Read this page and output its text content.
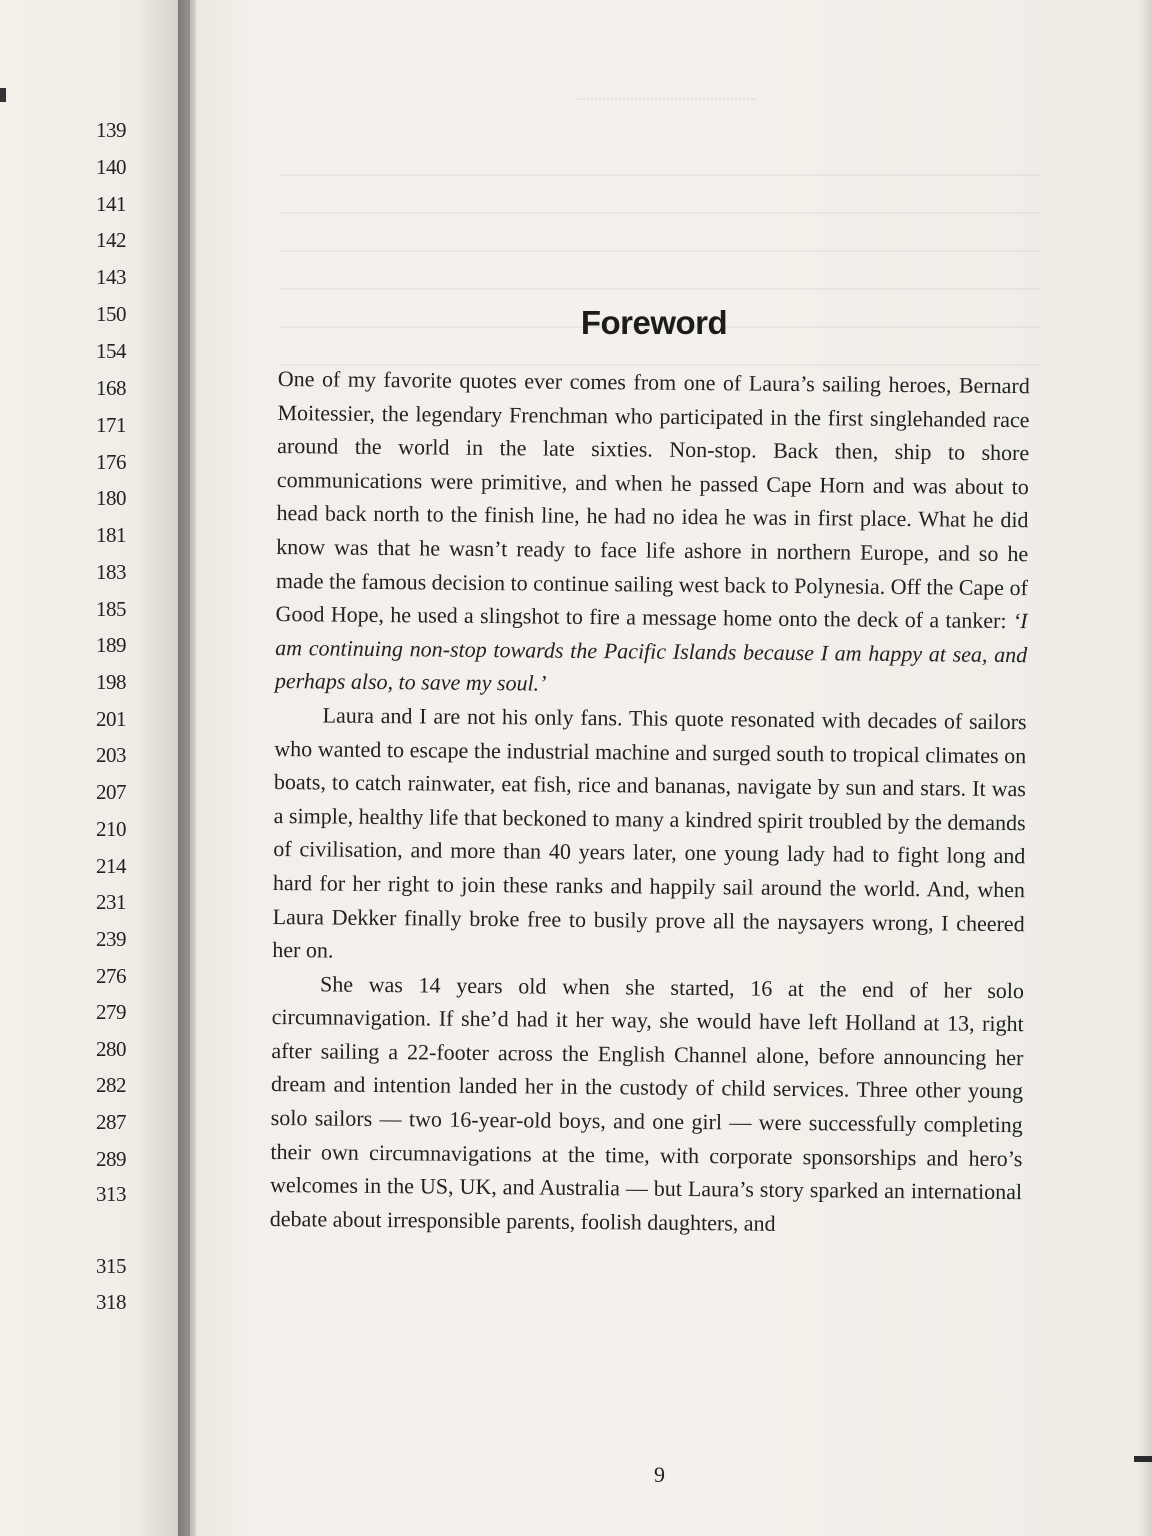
139
140
141
142
143
150
154
168
171
176
180
181
183
185
189
198
201
203
207
210
214
231
239
276
279
280
282
287
289
313
315
318
Foreword

One of my favorite quotes ever comes from one of Laura’s sailing heroes, Bernard Moitessier, the legendary Frenchman who participated in the first singlehanded race around the world in the late sixties. Non-stop. Back then, ship to shore communications were primitive, and when he passed Cape Horn and was about to head back north to the finish line, he had no idea he was in first place. What he did know was that he wasn’t ready to face life ashore in northern Europe, and so he made the famous decision to continue sailing west back to Polynesia. Off the Cape of Good Hope, he used a slingshot to fire a message home onto the deck of a tanker: ‘I am continuing non-stop towards the Pacific Islands because I am happy at sea, and perhaps also, to save my soul.’

Laura and I are not his only fans. This quote resonated with decades of sailors who wanted to escape the industrial machine and surged south to tropical climates on boats, to catch rainwater, eat fish, rice and bananas, navigate by sun and stars. It was a simple, healthy life that beckoned to many a kindred spirit troubled by the demands of civilisation, and more than 40 years later, one young lady had to fight long and hard for her right to join these ranks and happily sail around the world. And, when Laura Dekker finally broke free to busily prove all the naysayers wrong, I cheered her on.

She was 14 years old when she started, 16 at the end of her solo circumnavigation. If she’d had it her way, she would have left Holland at 13, right after sailing a 22-footer across the English Channel alone, before announcing her dream and intention landed her in the custody of child services. Three other young solo sailors — two 16-year-old boys, and one girl — were successfully completing their own circumnavigations at the time, with corporate sponsorships and hero’s welcomes in the US, UK, and Australia — but Laura’s story sparked an international debate about irresponsible parents, foolish daughters, and

9
